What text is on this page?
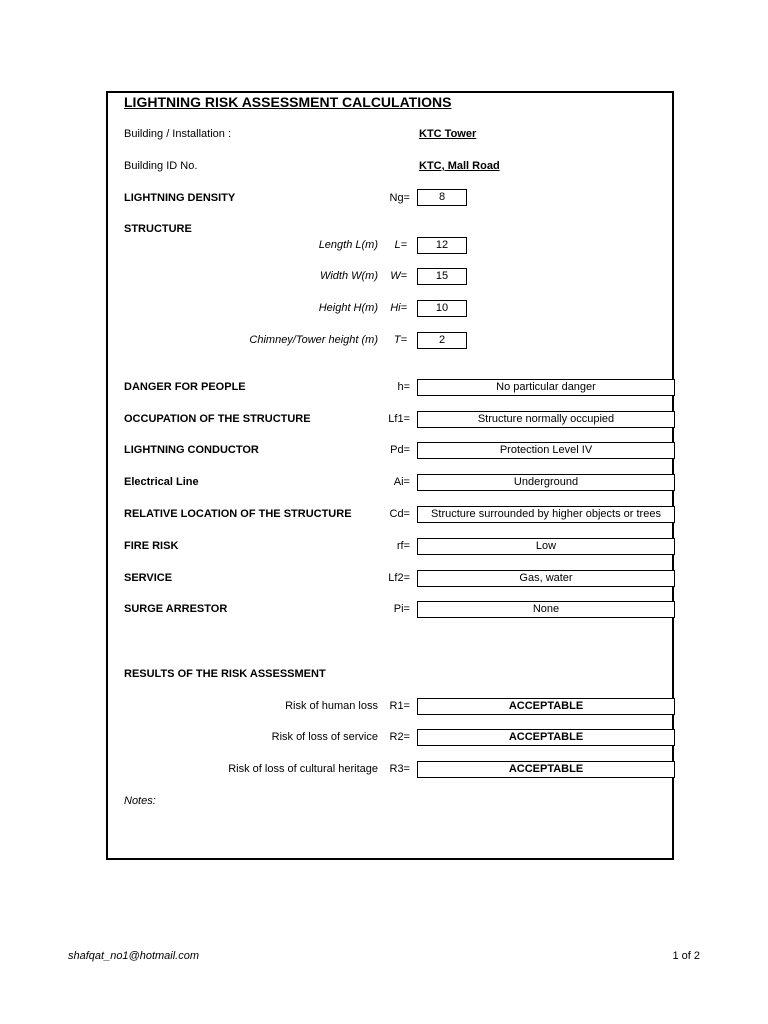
LIGHTNING RISK ASSESSMENT CALCULATIONS
Building / Installation :	KTC Tower
Building ID No.	KTC, Mall Road
LIGHTNING DENSITY	Ng=	8
STRUCTURE
Length L(m)	L=	12
Width W(m)	W=	15
Height H(m)	Hi=	10
Chimney/Tower height (m)	T=	2
DANGER FOR PEOPLE	h=	No particular danger
OCCUPATION OF THE STRUCTURE	Lf1=	Structure normally occupied
LIGHTNING CONDUCTOR	Pd=	Protection Level IV
Electrical Line	Ai=	Underground
RELATIVE LOCATION OF THE STRUCTURE	Cd=	Structure surrounded by higher objects or trees
FIRE RISK	rf=	Low
SERVICE	Lf2=	Gas, water
SURGE ARRESTOR	Pi=	None
RESULTS OF THE RISK ASSESSMENT
Risk of human loss	R1=	ACCEPTABLE
Risk of loss of service	R2=	ACCEPTABLE
Risk of loss of cultural heritage	R3=	ACCEPTABLE
Notes:
shafqat_no1@hotmail.com	1 of 2
